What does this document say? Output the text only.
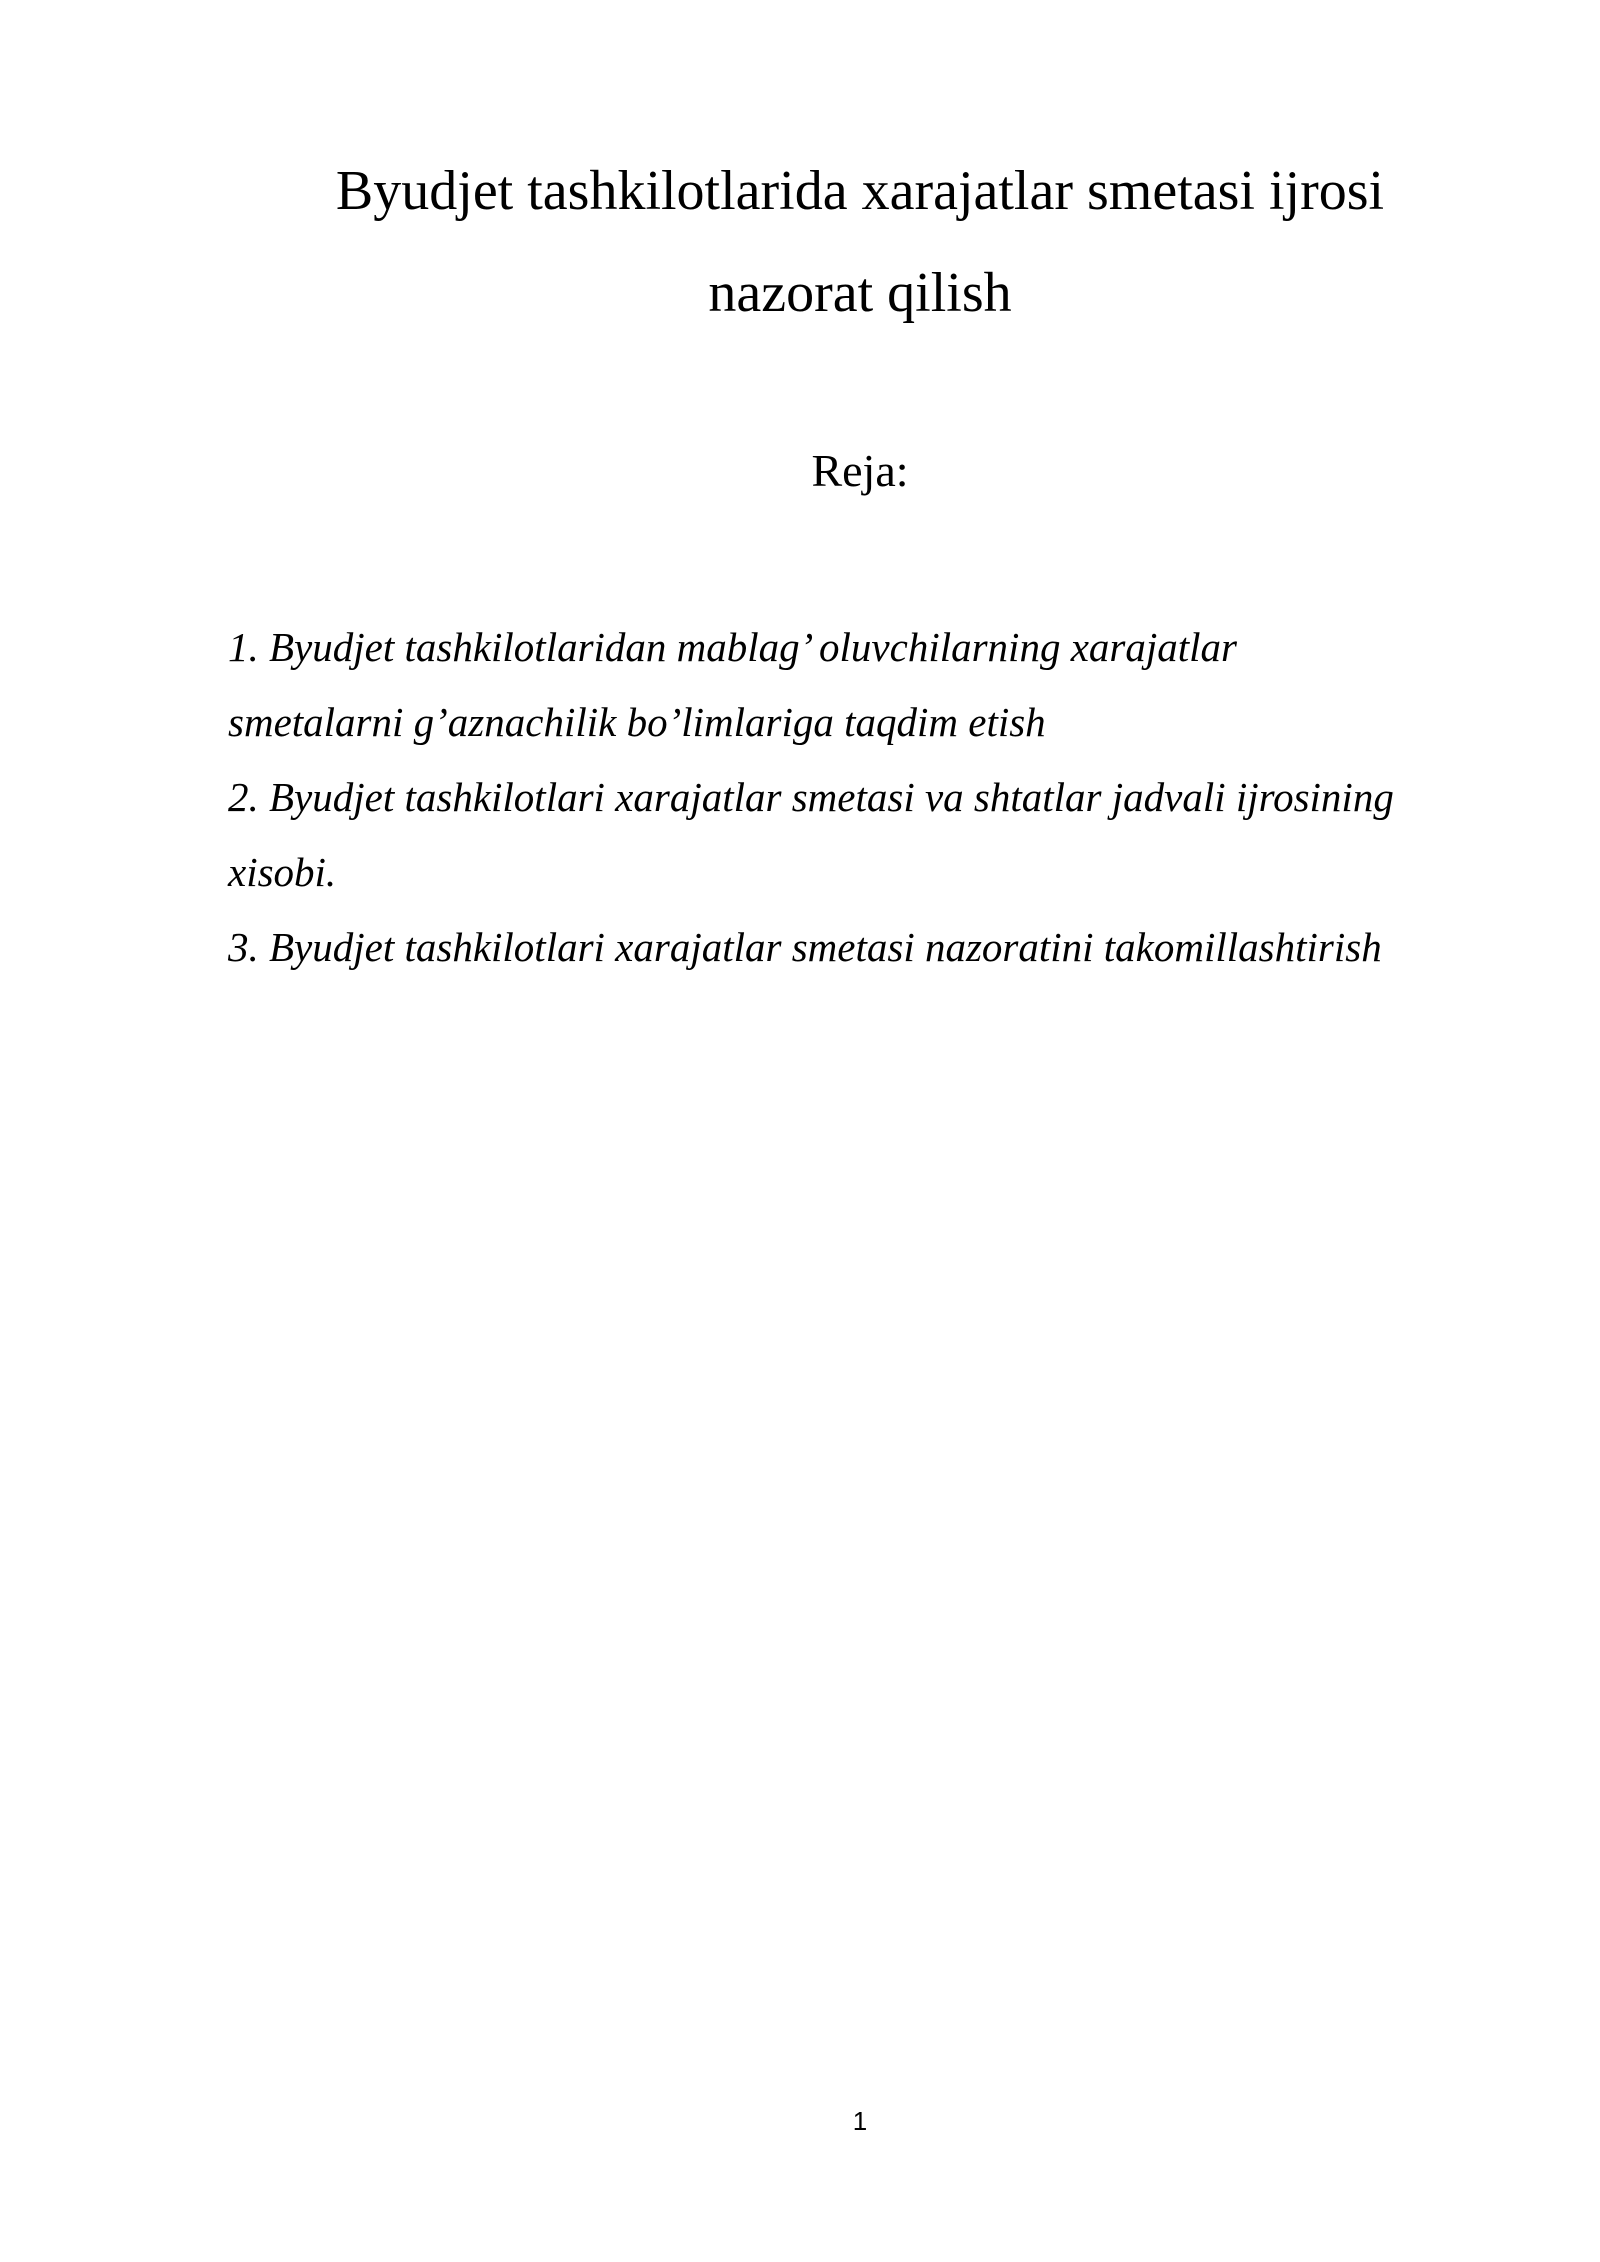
Byudjet tashkilotlarida xarajatlar smetasi ijrosi
nazorat qilish
Reja:
1. Byudjet tashkilotlaridan mablag’ oluvchilarning xarajatlar
smetalarni g’aznachilik bo’limlariga taqdim etish
2. Byudjet tashkilotlari xarajatlar smetasi va shtatlar jadvali ijrosining
xisobi.
3. Byudjet tashkilotlari xarajatlar smetasi nazoratini takomillashtirish
1
